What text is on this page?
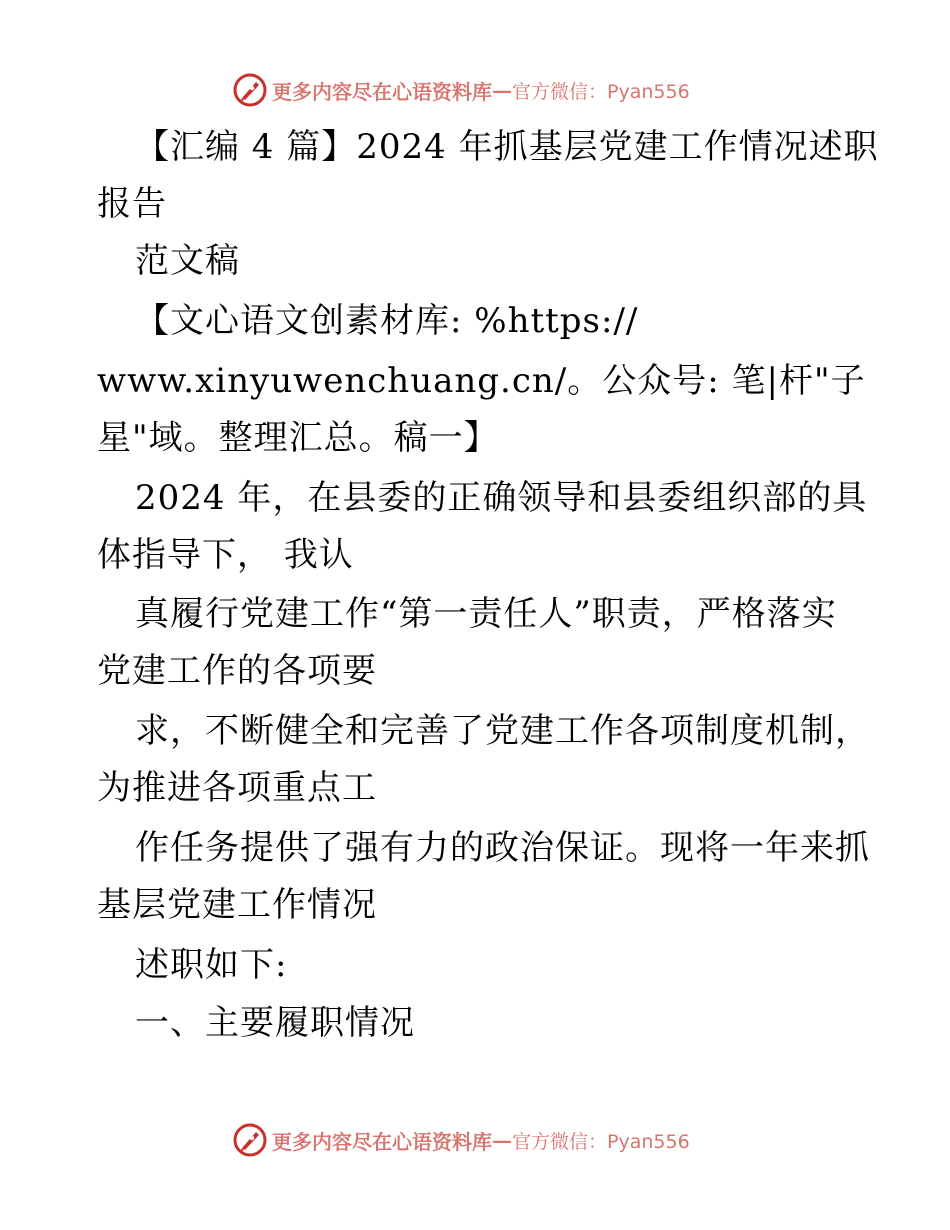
更多内容尽在心语资料库 — 官方微信：Pyan556
【汇编 4 篇】2024 年抓基层党建工作情况述职
报告
范文稿
【文心语文创素材库: %https://
www.xinyuwenchuang.cn/。公众号: 笔|杆"子
星"域。整理汇总。稿一】
2024 年，在县委的正确领导和县委组织部的具
体指导下， 我认
真履行党建工作“第一责任人”职责，严格落实
党建工作的各项要
求，不断健全和完善了党建工作各项制度机制，
为推进各项重点工
作任务提供了强有力的政治保证。现将一年来抓
基层党建工作情况
述职如下:
一、主要履职情况
更多内容尽在心语资料库 — 官方微信：Pyan556
